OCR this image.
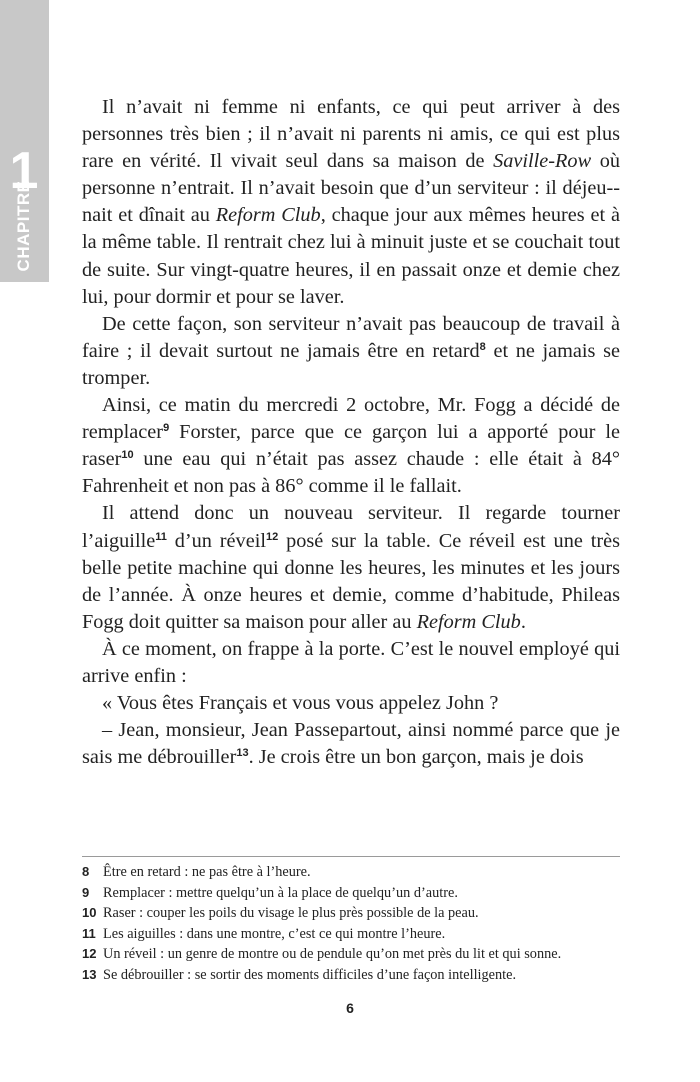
1
CHAPITRE

Il n’avait ni femme ni enfants, ce qui peut arriver à des personnes très bien ; il n’avait ni parents ni amis, ce qui est plus rare en vérité. Il vivait seul dans sa maison de Saville-Row où personne n’entrait. Il n’avait besoin que d’un serviteur : il déjeu-nait et dînait au Reform Club, chaque jour aux mêmes heures et à la même table. Il rentrait chez lui à minuit juste et se couchait tout de suite. Sur vingt-quatre heures, il en passait onze et demie chez lui, pour dormir et pour se laver.

De cette façon, son serviteur n’avait pas beaucoup de travail à faire ; il devait surtout ne jamais être en retard$^8$ et ne jamais se tromper.

Ainsi, ce matin du mercredi 2 octobre, Mr. Fogg a décidé de remplacer$^9$ Forster, parce que ce garçon lui a apporté pour le raser$^{10}$ une eau qui n’était pas assez chaude : elle était à 84° Fahrenheit et non pas à 86° comme il le fallait.

Il attend donc un nouveau serviteur. Il regarde tourner l’aiguille$^{11}$ d’un réveil$^{12}$ posé sur la table. Ce réveil est une très belle petite machine qui donne les heures, les minutes et les jours de l’année. À onze heures et demie, comme d’habitude, Phileas Fogg doit quitter sa maison pour aller au Reform Club.

À ce moment, on frappe à la porte. C’est le nouvel employé qui arrive enfin :

« Vous êtes Français et vous vous appelez John ?

– Jean, monsieur, Jean Passepartout, ainsi nommé parce que je sais me débrouiller$^{13}$. Je crois être un bon garçon, mais je dois

8 Être en retard : ne pas être à l’heure.
9 Remplacer : mettre quelqu’un à la place de quelqu’un d’autre.
10 Raser : couper les poils du visage le plus près possible de la peau.
11 Les aiguilles : dans une montre, c’est ce qui montre l’heure.
12 Un réveil : un genre de montre ou de pendule qu’on met près du lit et qui sonne.
13 Se débrouiller : se sortir des moments difficiles d’une façon intelligente.
6
